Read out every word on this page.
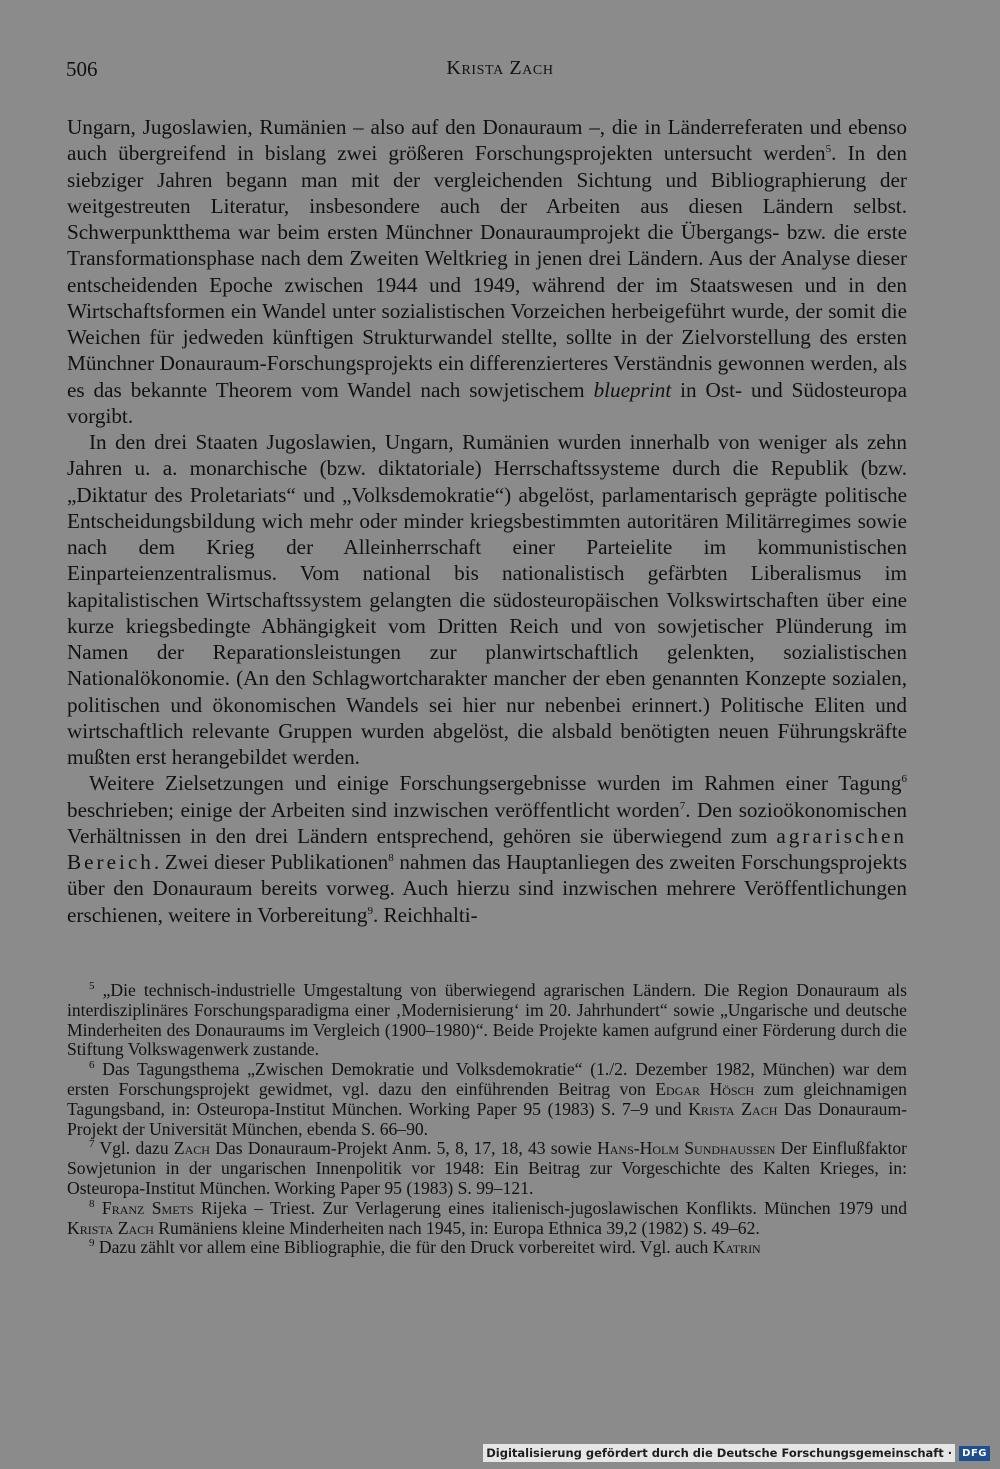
506	Krista Zach

Ungarn, Jugoslawien, Rumänien – also auf den Donauraum –, die in Länderreferaten und ebenso auch übergreifend in bislang zwei größeren Forschungsprojekten untersucht werden$^5$. In den siebziger Jahren begann man mit der vergleichenden Sichtung und Bibliographierung der weitgestreuten Literatur, insbesondere auch der Arbeiten aus diesen Ländern selbst. Schwerpunktthema war beim ersten Münchner Donauraumprojekt die Übergangs- bzw. die erste Transformationsphase nach dem Zweiten Weltkrieg in jenen drei Ländern. Aus der Analyse dieser entscheidenden Epoche zwischen 1944 und 1949, während der im Staatswesen und in den Wirtschaftsformen ein Wandel unter sozialistischen Vorzeichen herbeigeführt wurde, der somit die Weichen für jedweden künftigen Strukturwandel stellte, sollte in der Zielvorstellung des ersten Münchner Donauraum-Forschungsprojekts ein differenzierteres Verständnis gewonnen werden, als es das bekannte Theorem vom Wandel nach sowjetischem blueprint in Ost- und Südosteuropa vorgibt.

In den drei Staaten Jugoslawien, Ungarn, Rumänien wurden innerhalb von weniger als zehn Jahren u. a. monarchische (bzw. diktatoriale) Herrschaftssysteme durch die Republik (bzw. „Diktatur des Proletariats“ und „Volksdemokratie“) abgelöst, parlamentarisch geprägte politische Entscheidungsbildung wich mehr oder minder kriegsbestimmten autoritären Militärregimes sowie nach dem Krieg der Alleinherrschaft einer Parteielite im kommunistischen Einparteienzentralismus. Vom national bis nationalistisch gefärbten Liberalismus im kapitalistischen Wirtschaftssystem gelangten die südosteuropäischen Volkswirtschaften über eine kurze kriegsbedingte Abhängigkeit vom Dritten Reich und von sowjetischer Plünderung im Namen der Reparationsleistungen zur planwirtschaftlich gelenkten, sozialistischen Nationalökonomie. (An den Schlagwortcharakter mancher der eben genannten Konzepte sozialen, politischen und ökonomischen Wandels sei hier nur nebenbei erinnert.) Politische Eliten und wirtschaftlich relevante Gruppen wurden abgelöst, die alsbald benötigten neuen Führungskräfte mußten erst herangebildet werden.

Weitere Zielsetzungen und einige Forschungsergebnisse wurden im Rahmen einer Tagung$^6$ beschrieben; einige der Arbeiten sind inzwischen veröffentlicht worden$^7$. Den sozioökonomischen Verhältnissen in den drei Ländern entsprechend, gehören sie überwiegend zum agrarischen Bereich. Zwei dieser Publikationen$^8$ nahmen das Hauptanliegen des zweiten Forschungsprojekts über den Donauraum bereits vorweg. Auch hierzu sind inzwischen mehrere Veröffentlichungen erschienen, weitere in Vorbereitung$^9$. Reichhalti-

$^5$ „Die technisch-industrielle Umgestaltung von überwiegend agrarischen Ländern. Die Region Donauraum als interdisziplinäres Forschungsparadigma einer ‚Modernisierung‘ im 20. Jahrhundert“ sowie „Ungarische und deutsche Minderheiten des Donauraums im Vergleich (1900–1980)“. Beide Projekte kamen aufgrund einer Förderung durch die Stiftung Volkswagenwerk zustande.

$^6$ Das Tagungsthema „Zwischen Demokratie und Volksdemokratie“ (1./2. Dezember 1982, München) war dem ersten Forschungsprojekt gewidmet, vgl. dazu den einführenden Beitrag von Edgar Hösch zum gleichnamigen Tagungsband, in: Osteuropa-Institut München. Working Paper 95 (1983) S. 7–9 und Krista Zach Das Donauraum-Projekt der Universität München, ebenda S. 66–90.

$^7$ Vgl. dazu Zach Das Donauraum-Projekt Anm. 5, 8, 17, 18, 43 sowie Hans-Holm Sundhaussen Der Einflußfaktor Sowjetunion in der ungarischen Innenpolitik vor 1948: Ein Beitrag zur Vorgeschichte des Kalten Krieges, in: Osteuropa-Institut München. Working Paper 95 (1983) S. 99–121.

$^8$ Franz Smets Rijeka – Triest. Zur Verlagerung eines italienisch-jugoslawischen Konflikts. München 1979 und Krista Zach Rumäniens kleine Minderheiten nach 1945, in: Europa Ethnica 39,2 (1982) S. 49–62.

$^9$ Dazu zählt vor allem eine Bibliographie, die für den Druck vorbereitet wird. Vgl. auch Katrin

Digitalisierung gefördert durch die Deutsche Forschungsgemeinschaft ·	DFG
